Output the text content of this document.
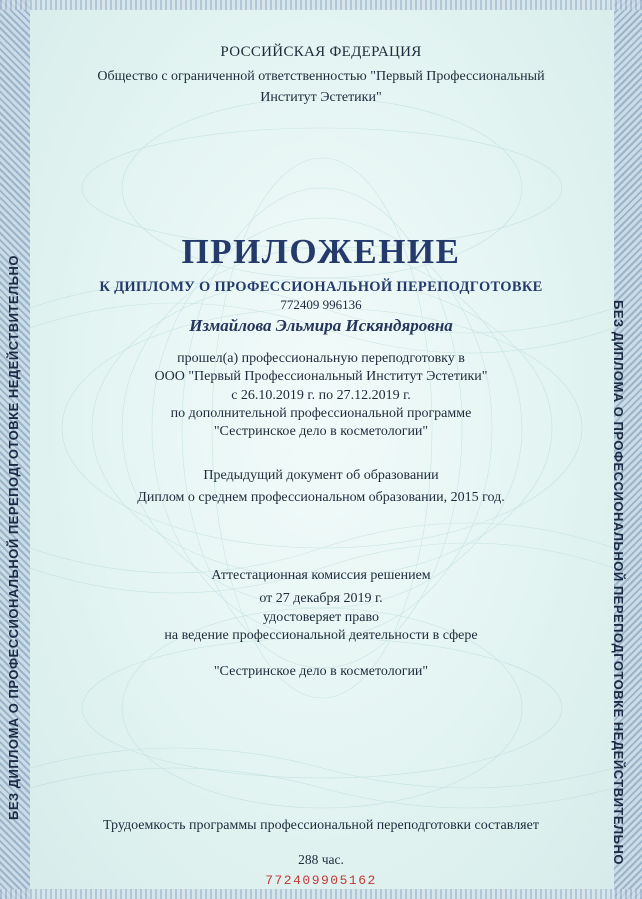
БЕЗ ДИПЛОМА О ПРОФЕССИОНАЛЬНОЙ ПЕРЕПОДГОТОВКЕ НЕДЕЙСТВИТЕЛЬНО	БЕЗ ДИПЛОМА О ПРОФЕССИОНАЛЬНОЙ ПЕРЕПОДГОТОВКЕ НЕДЕЙСТВИТЕЛЬНО
РОССИЙСКАЯ ФЕДЕРАЦИЯ
Общество с ограниченной ответственностью "Первый Профессиональный
Институт Эстетики"
ПРИЛОЖЕНИЕ
К ДИПЛОМУ О ПРОФЕССИОНАЛЬНОЙ ПЕРЕПОДГОТОВКЕ
772409 996136
Измайлова Эльмира Искяндяровна
прошел(а) профессиональную переподготовку в
ООО "Первый Профессиональный Институт Эстетики"
с 26.10.2019 г. по 27.12.2019 г.
по дополнительной профессиональной программе
"Сестринское дело в косметологии"
Предыдущий документ об образовании
Диплом о среднем профессиональном образовании, 2015 год.
Аттестационная комиссия решением
от 27 декабря 2019 г.
удостоверяет право
на ведение профессиональной деятельности в сфере
"Сестринское дело в косметологии"
Трудоемкость программы профессиональной переподготовки составляет
288 час.
772409905162
